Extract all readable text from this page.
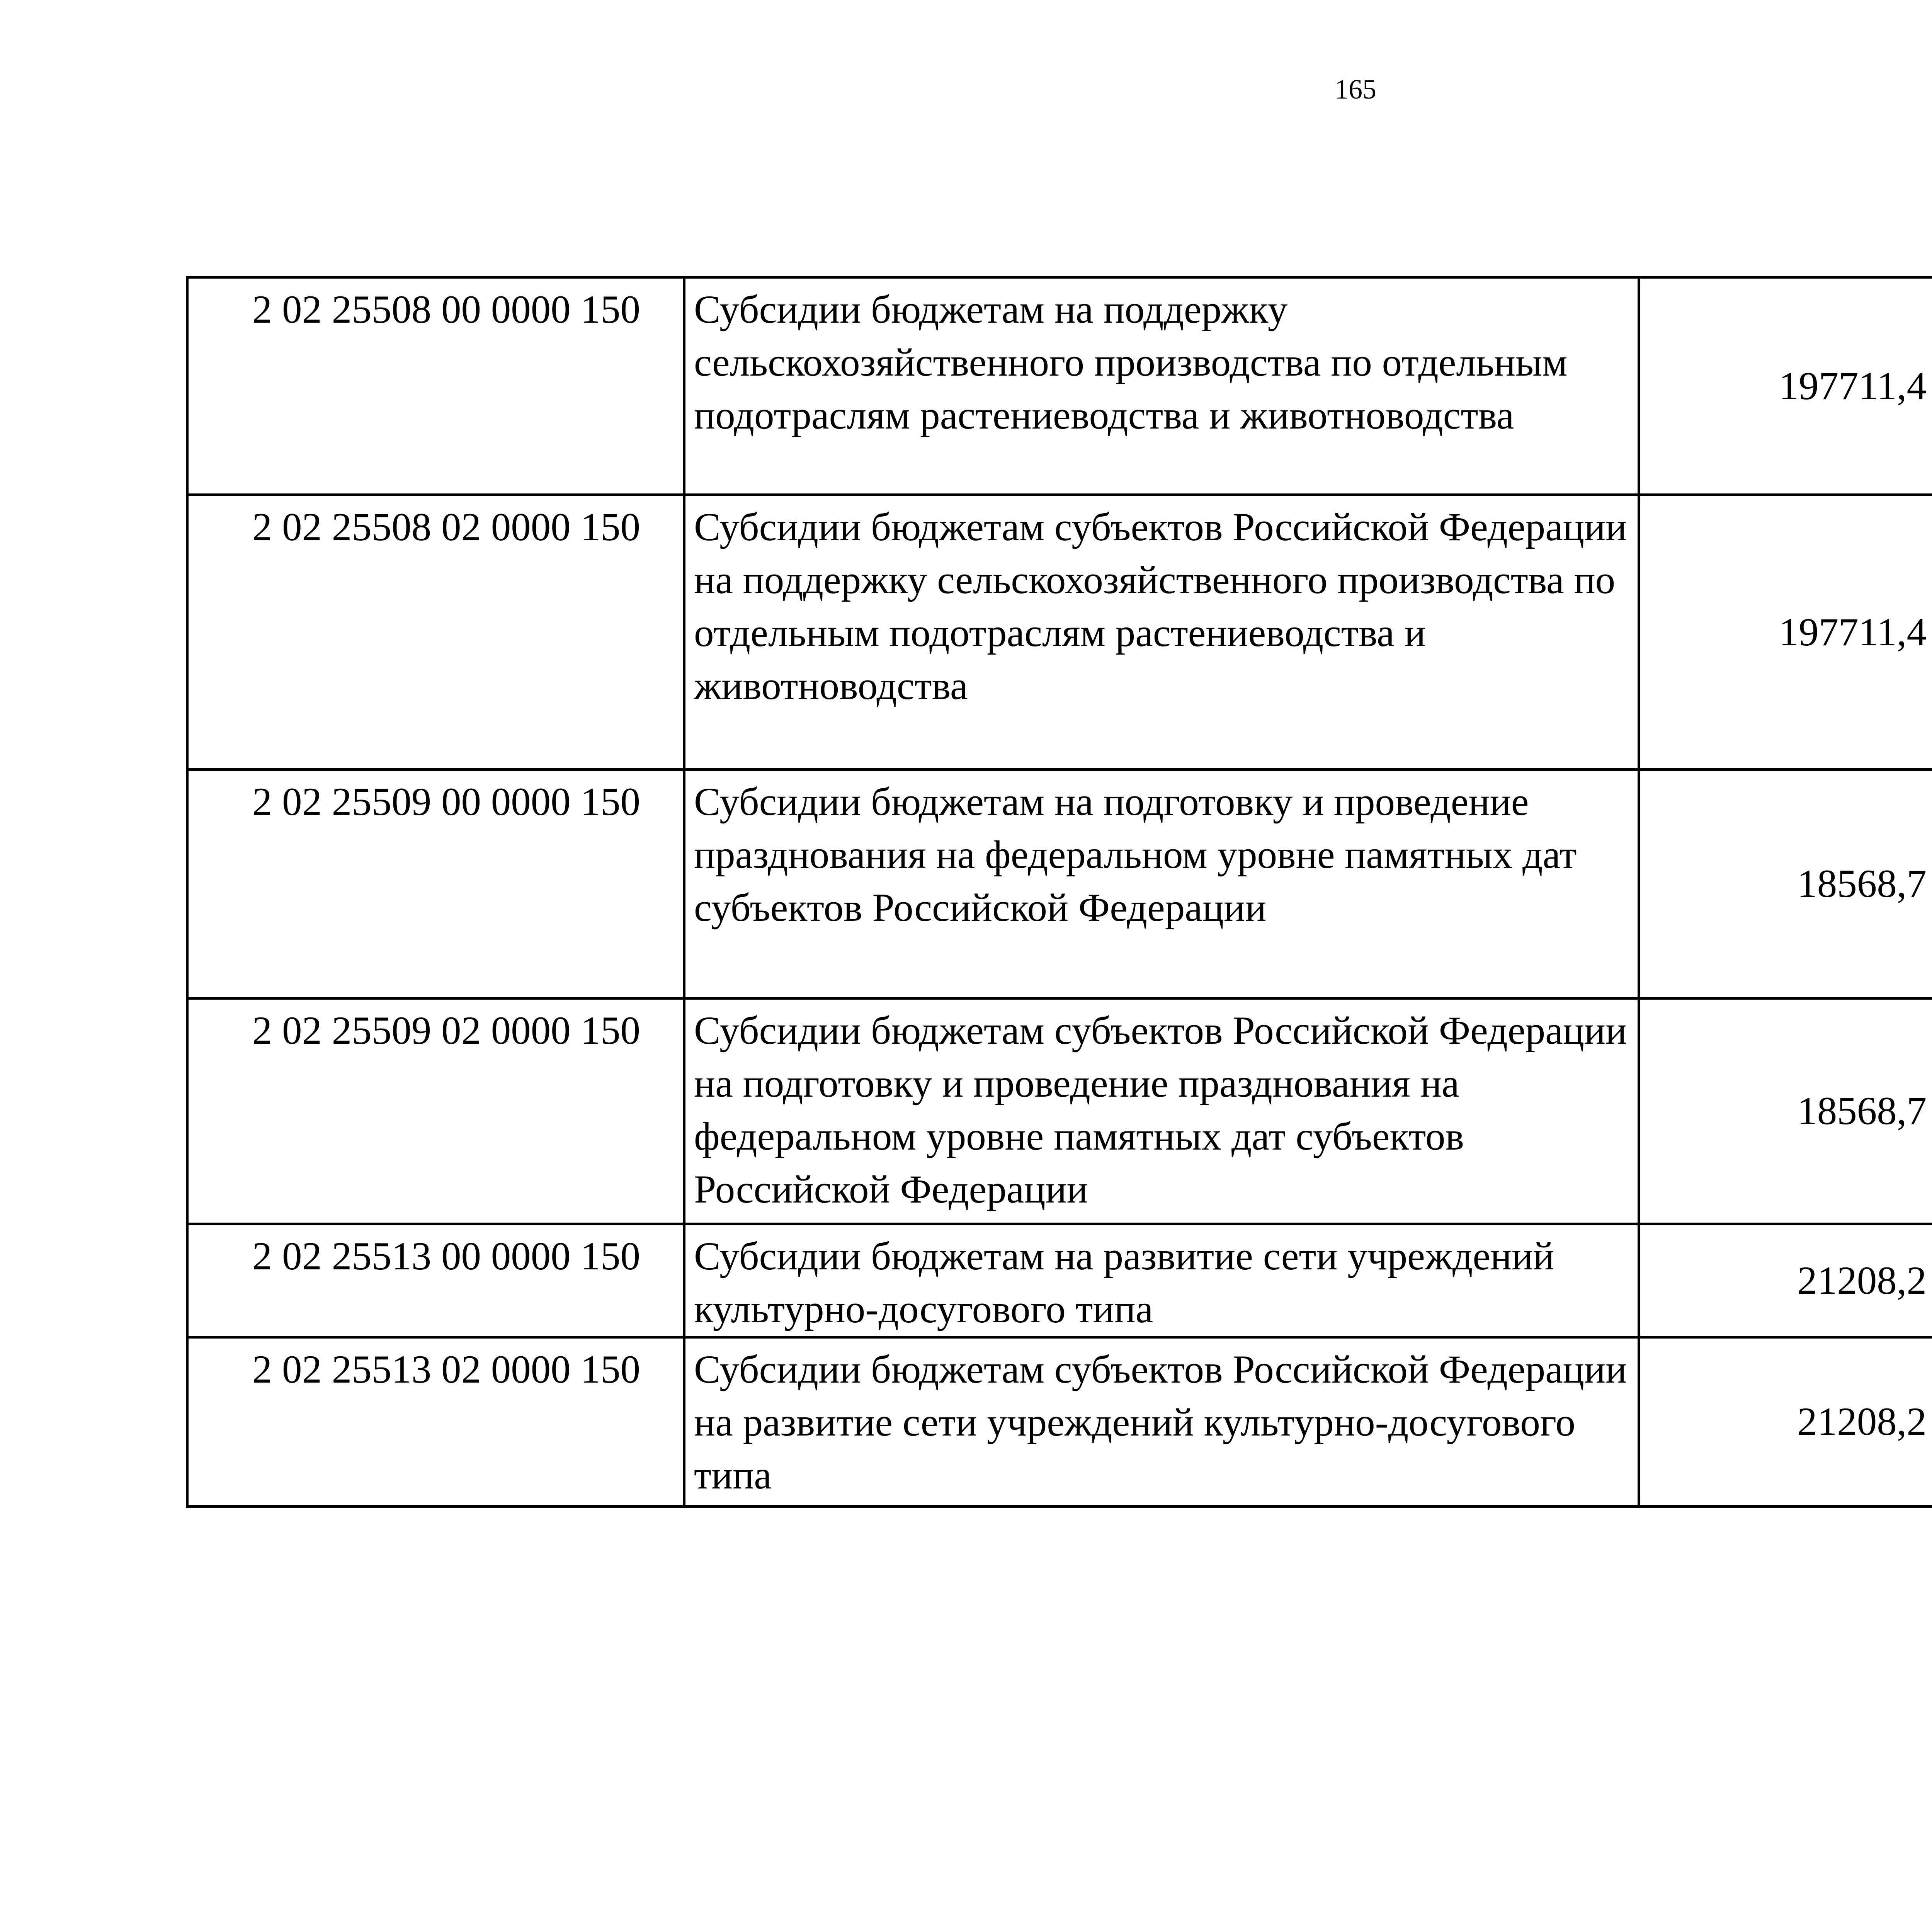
165
2 02 25508 00 0000 150	Субсидии бюджетам на поддержку сельскохозяйственного производства по отдельным подотраслям растениеводства и животноводства	197711,4		
2 02 25508 02 0000 150	Субсидии бюджетам субъектов Российской Федерации на поддержку сельскохозяйственного производства по отдельным подотраслям растениеводства и животноводства	197711,4		
2 02 25509 00 0000 150	Субсидии бюджетам на подготовку и проведение празднования на федеральном уровне памятных дат субъектов Российской Федерации	18568,7		
2 02 25509 02 0000 150	Субсидии бюджетам субъектов Российской Федерации на подготовку и проведение празднования на федеральном уровне памятных дат субъектов Российской Федерации	18568,7		
2 02 25513 00 0000 150	Субсидии бюджетам на развитие сети учреждений культурно-досугового типа	21208,2		
2 02 25513 02 0000 150	Субсидии бюджетам субъектов Российской Федерации на развитие сети учреждений культурно-досугового типа	21208,2		
